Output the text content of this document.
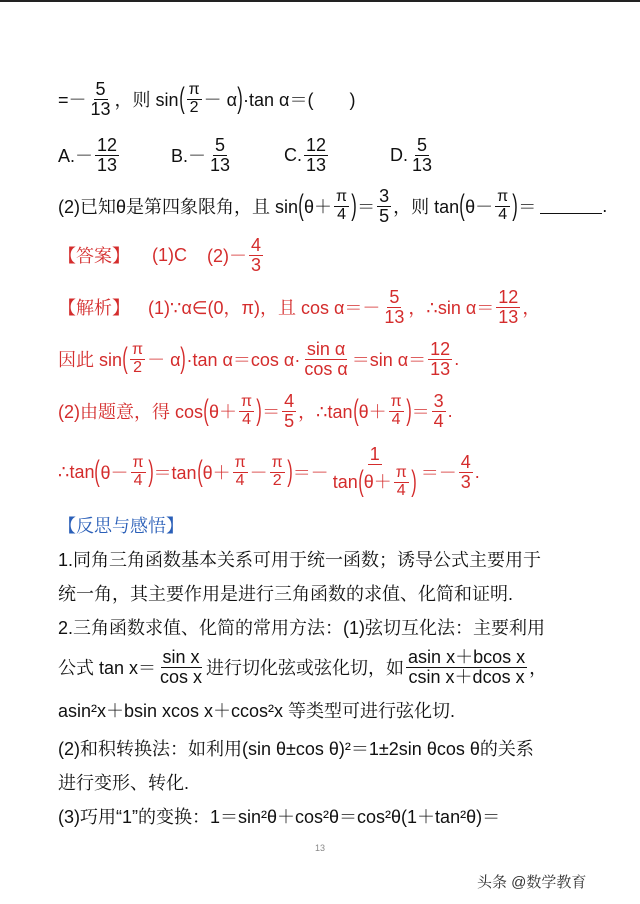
=－ $\frac{5}{13}$ ，则 sin ( $\frac{\pi}{2} - \alpha$ ) ·tan α＝(　　)
$A.- \frac{12}{13}$	$B.- \frac{5}{13}$	C. $\frac{12}{13}$	D. $\frac{5}{13}$
(2)已知θ是第四象限角，且 sin ( $\theta+ \frac{\pi}{4}$ ) ＝ $\frac{3}{5}$ ，则 tan ( $\theta- \frac{\pi}{4}$ ) ＝	.
【答案】 (1)C $(2)- \frac{4}{3}$
【解析】 (1)∵α∈(0，π)，且 $\cos \alpha=- \frac{5}{13}$ ，∴sin $\alpha= \frac{12}{13}$ ，
因此 sin ( $\frac{\pi}{2} - \alpha$ ) ·tan α＝cos $\alpha\cdot \frac{\text{sin α}}{\text{cos α}} =\sin$ $\alpha= \frac{12}{13}$ .
(2)由题意，得 cos ( $\theta+ \frac{\pi}{4}$ ) ＝ $\frac{4}{5}$ ，∴tan ( $\theta+ \frac{\pi}{4}$ ) ＝ $\frac{3}{4}$ .
∴tan ( $\theta- \frac{\pi}{4}$ ) ＝tan ( $\theta+ \frac{\pi}{4} - \frac{\pi}{2}$ ) ＝－ $\frac{1}{\tan ( \theta+ \frac{\pi}{4} )} =- \frac{4}{3}$ .
【反思与感悟】
1.同角三角函数基本关系可用于统一函数；诱导公式主要用于
统一角，其主要作用是进行三角函数的求值、化简和证明.
2.三角函数求值、化简的常用方法：(1)弦切互化法：主要利用
公式 $\tan x= \frac{\text{sin x}}{\text{cos x}}$ 进行切化弦或弦化切，如 $\frac{\text{asin x＋bcos x}}{\text{csin x＋dcos x}}$ ，
asin²x＋bsin xcos x＋ccos²x 等类型可进行弦化切.
(2)和积转换法：如利用(sin θ±cos θ)²＝1±2sin θcos θ的关系
进行变形、转化.
(3)巧用“1”的变换：1＝sin²θ＋cos²θ＝cos²θ(1＋tan²θ)＝
13
头条 @数学教育
